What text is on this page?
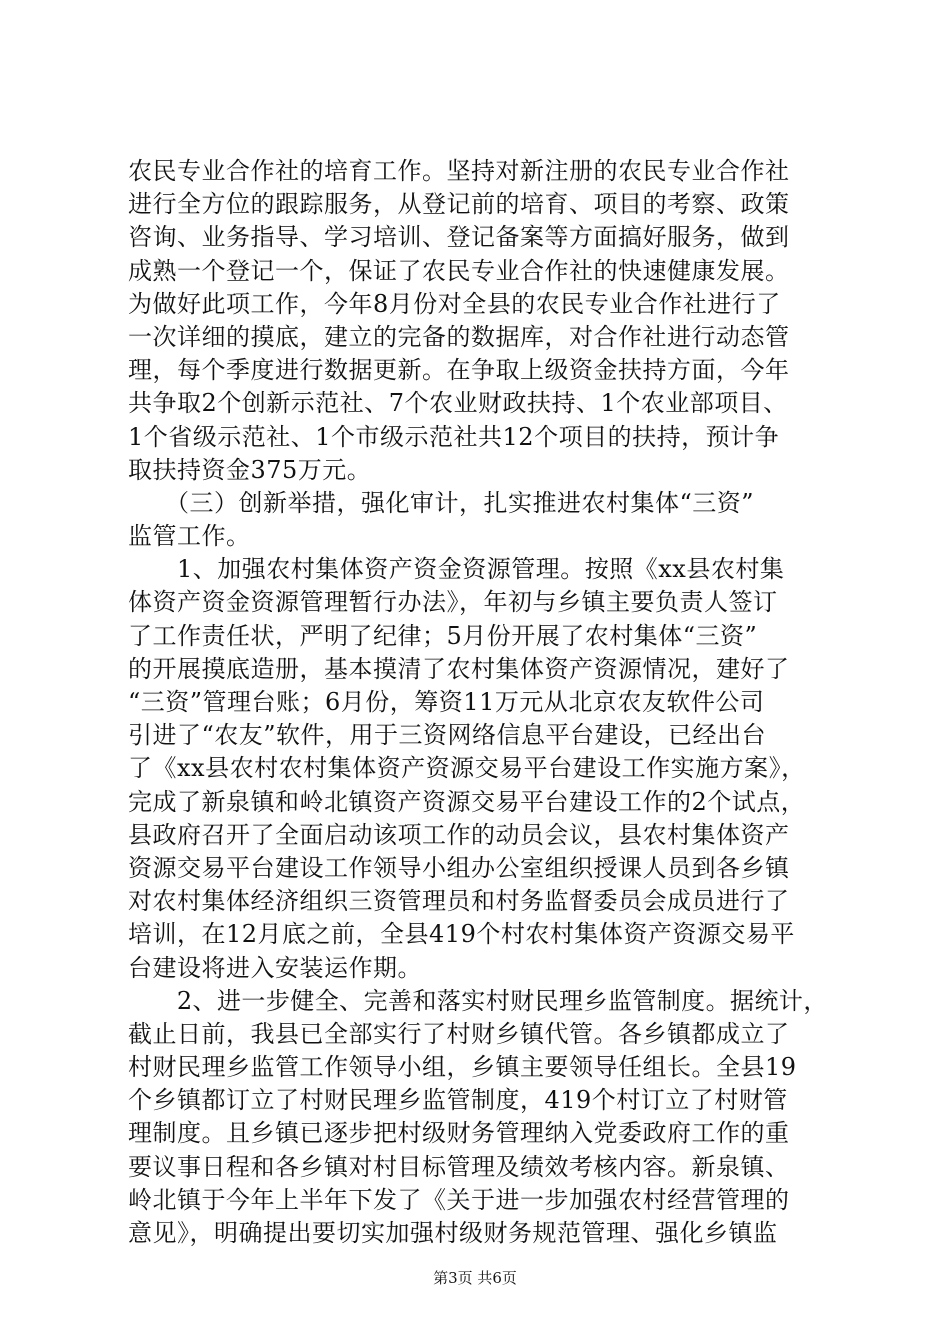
农民专业合作社的培育工作。坚持对新注册的农民专业合作社
进行全方位的跟踪服务，从登记前的培育、项目的考察、政策
咨询、业务指导、学习培训、登记备案等方面搞好服务，做到
成熟一个登记一个，保证了农民专业合作社的快速健康发展。
为做好此项工作，今年8月份对全县的农民专业合作社进行了
一次详细的摸底，建立的完备的数据库，对合作社进行动态管
理，每个季度进行数据更新。在争取上级资金扶持方面，今年
共争取2个创新示范社、7个农业财政扶持、1个农业部项目、
1个省级示范社、1个市级示范社共12个项目的扶持，预计争
取扶持资金375万元。
　　（三）创新举措，强化审计，扎实推进农村集体“三资”
监管工作。
　　1、加强农村集体资产资金资源管理。按照《xx县农村集
体资产资金资源管理暂行办法》，年初与乡镇主要负责人签订
了工作责任状，严明了纪律；5月份开展了农村集体“三资”
的开展摸底造册，基本摸清了农村集体资产资源情况，建好了
“三资”管理台账；6月份，筹资11万元从北京农友软件公司
引进了“农友”软件，用于三资网络信息平台建设，已经出台
了《xx县农村农村集体资产资源交易平台建设工作实施方案》，
完成了新泉镇和岭北镇资产资源交易平台建设工作的2个试点，
县政府召开了全面启动该项工作的动员会议，县农村集体资产
资源交易平台建设工作领导小组办公室组织授课人员到各乡镇
对农村集体经济组织三资管理员和村务监督委员会成员进行了
培训，在12月底之前，全县419个村农村集体资产资源交易平
台建设将进入安装运作期。
　　2、进一步健全、完善和落实村财民理乡监管制度。据统计，
截止日前，我县已全部实行了村财乡镇代管。各乡镇都成立了
村财民理乡监管工作领导小组，乡镇主要领导任组长。全县19
个乡镇都订立了村财民理乡监管制度，419个村订立了村财管
理制度。且乡镇已逐步把村级财务管理纳入党委政府工作的重
要议事日程和各乡镇对村目标管理及绩效考核内容。新泉镇、
岭北镇于今年上半年下发了《关于进一步加强农村经营管理的
意见》，明确提出要切实加强村级财务规范管理、强化乡镇监
第3页 共6页
